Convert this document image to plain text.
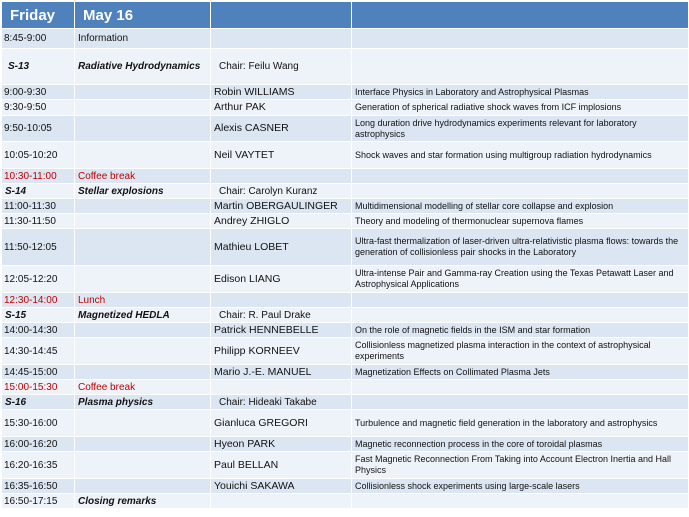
Friday	May 16		
8:45-9:00	Information		
S-13	Radiative Hydrodynamics	Chair: Feilu Wang	
9:00-9:30		Robin WILLIAMS	Interface Physics in Laboratory and Astrophysical Plasmas
9:30-9:50		Arthur PAK	Generation of spherical radiative shock waves from ICF implosions
9:50-10:05		Alexis CASNER	Long duration drive hydrodynamics experiments relevant for laboratory astrophysics
10:05-10:20		Neil VAYTET	Shock waves and star formation using multigroup radiation hydrodynamics
10:30-11:00	Coffee break		
S-14	Stellar explosions	Chair: Carolyn Kuranz	
11:00-11:30		Martin OBERGAULINGER	Multidimensional modelling of stellar core collapse and explosion
11:30-11:50		Andrey ZHIGLO	Theory and modeling of thermonuclear supernova flames
11:50-12:05		Mathieu LOBET	Ultra-fast thermalization of laser-driven ultra-relativistic plasma flows: towards the generation of collisionless pair shocks in the Laboratory
12:05-12:20		Edison LIANG	Ultra-intense Pair and Gamma-ray Creation using the Texas Petawatt Laser and Astrophysical Applications
12:30-14:00	Lunch		
S-15	Magnetized HEDLA	Chair: R. Paul Drake	
14:00-14:30		Patrick HENNEBELLE	On the role of magnetic fields in the ISM and star formation
14:30-14:45		Philipp KORNEEV	Collisionless magnetized plasma interaction in the context of astrophysical experiments
14:45-15:00		Mario J.-E. MANUEL	Magnetization Effects on Collimated Plasma Jets
15:00-15:30	Coffee break		
S-16	Plasma physics	Chair: Hideaki Takabe	
15:30-16:00		Gianluca GREGORI	Turbulence and magnetic field generation in the laboratory and astrophysics
16:00-16:20		Hyeon PARK	Magnetic reconnection process in the core of toroidal plasmas
16:20-16:35		Paul BELLAN	Fast Magnetic Reconnection From Taking into Account Electron Inertia and Hall Physics
16:35-16:50		Youichi SAKAWA	Collisionless shock experiments using large-scale lasers
16:50-17:15	Closing remarks		
